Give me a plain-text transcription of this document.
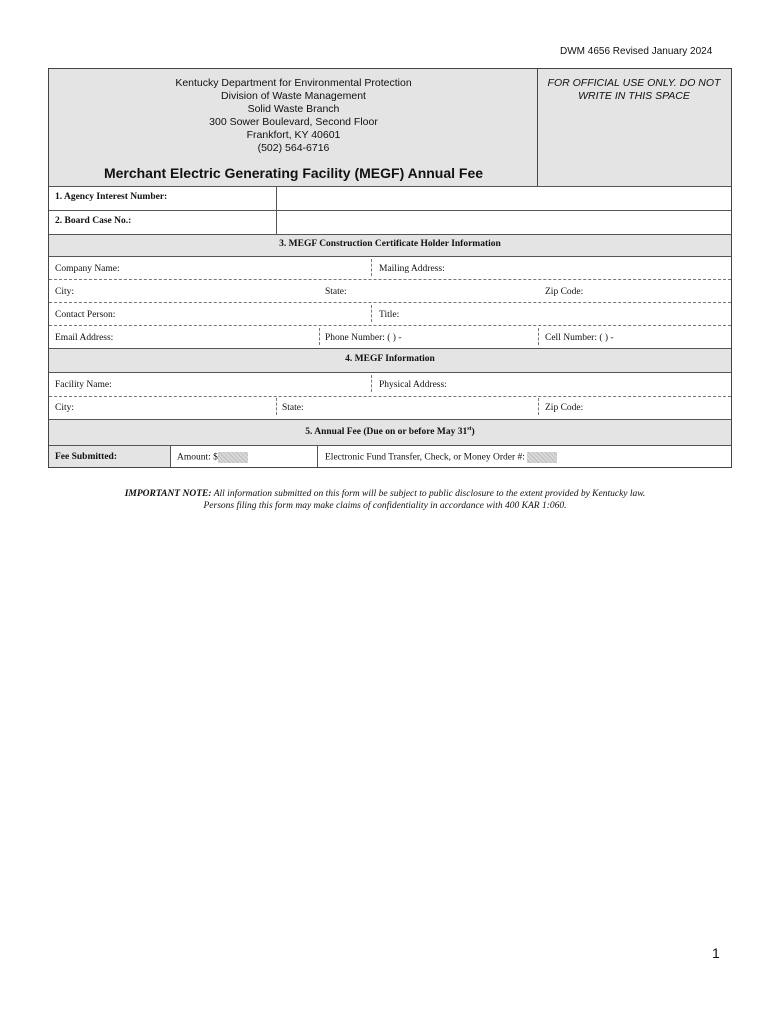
DWM 4656 Revised January 2024
Kentucky Department for Environmental Protection
Division of Waste Management
Solid Waste Branch
300 Sower Boulevard, Second Floor
Frankfort, KY 40601
(502) 564-6716
FOR OFFICIAL USE ONLY. DO NOT WRITE IN THIS SPACE
Merchant Electric Generating Facility (MEGF) Annual Fee
1. Agency Interest Number:
2. Board Case No.:
3. MEGF Construction Certificate Holder Information
Company Name:	Mailing Address:
City:	State:	Zip Code:
Contact Person:	Title:
Email Address:	Phone Number: ( ) -	Cell Number: ( ) -
4. MEGF Information
Facility Name:	Physical Address:
City:	State:	Zip Code:
5. Annual Fee (Due on or before May 31st)
Fee Submitted:	Amount: $	Electronic Fund Transfer, Check, or Money Order #:
IMPORTANT NOTE: All information submitted on this form will be subject to public disclosure to the extent provided by Kentucky law.
Persons filing this form may make claims of confidentiality in accordance with 400 KAR 1:060.
1
